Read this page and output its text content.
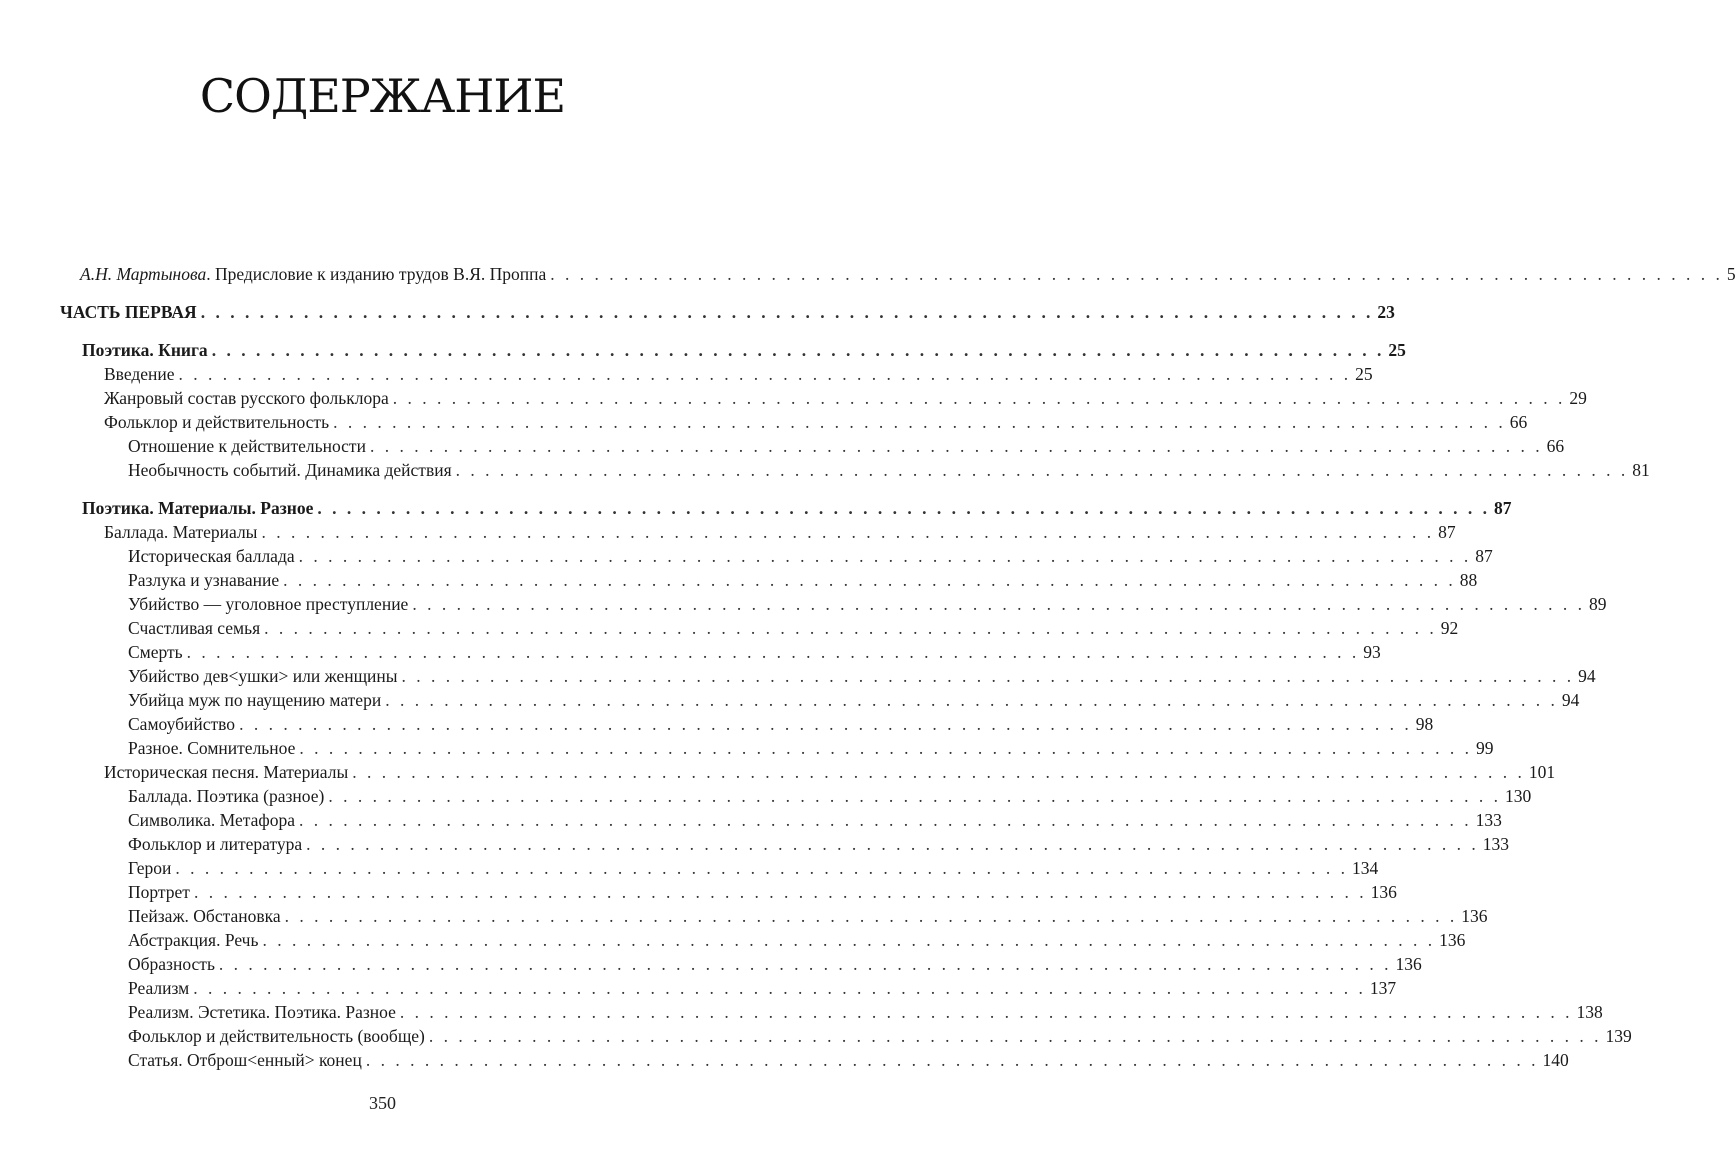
СОДЕРЖАНИЕ
А.Н. Мартынова. Предисловие к изданию трудов В.Я. Проппа . . . . . . . . . . . . . . . . . . . . . . . . . . . . . . . . . . . . . . . . . . . . . . . . . . . . . . . . . . . . . . . . . . . . . . . . . . . . . . . . 5
ЧАСТЬ ПЕРВАЯ . . . . . . . . . . . . . . . . . . . . . . . . . . . . . . . . . . . . . . . . . . . . . . . . . . . . . . . . . . . . . . . . . . . . . . . . . . . . . . . . 23
Поэтика. Книга . . . . . . . . . . . . . . . . . . . . . . . . . . . . . . . . . . . . . . . . . . . . . . . . . . . . . . . . . . . . . . . . . . . . . . . . . . . . . . . . 25
Введение . . . . . . . . . . . . . . . . . . . . . . . . . . . . . . . . . . . . . . . . . . . . . . . . . . . . . . . . . . . . . . . . . . . . . . . . . . . . . . . . 25
Жанровый состав русского фольклора . . . . . . . . . . . . . . . . . . . . . . . . . . . . . . . . . . . . . . . . . . . . . . . . . . . . . . . . . . . . . . . . . . . . . . . . . . . . . . . . 29
Фольклор и действительность . . . . . . . . . . . . . . . . . . . . . . . . . . . . . . . . . . . . . . . . . . . . . . . . . . . . . . . . . . . . . . . . . . . . . . . . . . . . . . . . 66
Отношение к действительности . . . . . . . . . . . . . . . . . . . . . . . . . . . . . . . . . . . . . . . . . . . . . . . . . . . . . . . . . . . . . . . . . . . . . . . . . . . . . . . . 66
Необычность событий. Динамика действия . . . . . . . . . . . . . . . . . . . . . . . . . . . . . . . . . . . . . . . . . . . . . . . . . . . . . . . . . . . . . . . . . . . . . . . . . . . . . . . . 81
Поэтика. Материалы. Разное . . . . . . . . . . . . . . . . . . . . . . . . . . . . . . . . . . . . . . . . . . . . . . . . . . . . . . . . . . . . . . . . . . . . . . . . . . . . . . . . 87
Баллада. Материалы . . . . . . . . . . . . . . . . . . . . . . . . . . . . . . . . . . . . . . . . . . . . . . . . . . . . . . . . . . . . . . . . . . . . . . . . . . . . . . . . 87
Историческая баллада . . . . . . . . . . . . . . . . . . . . . . . . . . . . . . . . . . . . . . . . . . . . . . . . . . . . . . . . . . . . . . . . . . . . . . . . . . . . . . . . 87
Разлука и узнавание . . . . . . . . . . . . . . . . . . . . . . . . . . . . . . . . . . . . . . . . . . . . . . . . . . . . . . . . . . . . . . . . . . . . . . . . . . . . . . . . 88
Убийство — уголовное преступление . . . . . . . . . . . . . . . . . . . . . . . . . . . . . . . . . . . . . . . . . . . . . . . . . . . . . . . . . . . . . . . . . . . . . . . . . . . . . . . . 89
Счастливая семья . . . . . . . . . . . . . . . . . . . . . . . . . . . . . . . . . . . . . . . . . . . . . . . . . . . . . . . . . . . . . . . . . . . . . . . . . . . . . . . . 92
Смерть . . . . . . . . . . . . . . . . . . . . . . . . . . . . . . . . . . . . . . . . . . . . . . . . . . . . . . . . . . . . . . . . . . . . . . . . . . . . . . . . 93
Убийство дев<ушки> или женщины . . . . . . . . . . . . . . . . . . . . . . . . . . . . . . . . . . . . . . . . . . . . . . . . . . . . . . . . . . . . . . . . . . . . . . . . . . . . . . . . 94
Убийца муж по наущению матери . . . . . . . . . . . . . . . . . . . . . . . . . . . . . . . . . . . . . . . . . . . . . . . . . . . . . . . . . . . . . . . . . . . . . . . . . . . . . . . . 94
Самоубийство . . . . . . . . . . . . . . . . . . . . . . . . . . . . . . . . . . . . . . . . . . . . . . . . . . . . . . . . . . . . . . . . . . . . . . . . . . . . . . . . 98
Разное. Сомнительное . . . . . . . . . . . . . . . . . . . . . . . . . . . . . . . . . . . . . . . . . . . . . . . . . . . . . . . . . . . . . . . . . . . . . . . . . . . . . . . . 99
Историческая песня. Материалы . . . . . . . . . . . . . . . . . . . . . . . . . . . . . . . . . . . . . . . . . . . . . . . . . . . . . . . . . . . . . . . . . . . . . . . . . . . . . . . . 101
Баллада. Поэтика (разное) . . . . . . . . . . . . . . . . . . . . . . . . . . . . . . . . . . . . . . . . . . . . . . . . . . . . . . . . . . . . . . . . . . . . . . . . . . . . . . . . 130
Символика. Метафора . . . . . . . . . . . . . . . . . . . . . . . . . . . . . . . . . . . . . . . . . . . . . . . . . . . . . . . . . . . . . . . . . . . . . . . . . . . . . . . . 133
Фольклор и литература . . . . . . . . . . . . . . . . . . . . . . . . . . . . . . . . . . . . . . . . . . . . . . . . . . . . . . . . . . . . . . . . . . . . . . . . . . . . . . . . 133
Герои . . . . . . . . . . . . . . . . . . . . . . . . . . . . . . . . . . . . . . . . . . . . . . . . . . . . . . . . . . . . . . . . . . . . . . . . . . . . . . . . 134
Портрет . . . . . . . . . . . . . . . . . . . . . . . . . . . . . . . . . . . . . . . . . . . . . . . . . . . . . . . . . . . . . . . . . . . . . . . . . . . . . . . . 136
Пейзаж. Обстановка . . . . . . . . . . . . . . . . . . . . . . . . . . . . . . . . . . . . . . . . . . . . . . . . . . . . . . . . . . . . . . . . . . . . . . . . . . . . . . . . 136
Абстракция. Речь . . . . . . . . . . . . . . . . . . . . . . . . . . . . . . . . . . . . . . . . . . . . . . . . . . . . . . . . . . . . . . . . . . . . . . . . . . . . . . . . 136
Образность . . . . . . . . . . . . . . . . . . . . . . . . . . . . . . . . . . . . . . . . . . . . . . . . . . . . . . . . . . . . . . . . . . . . . . . . . . . . . . . . 136
Реализм . . . . . . . . . . . . . . . . . . . . . . . . . . . . . . . . . . . . . . . . . . . . . . . . . . . . . . . . . . . . . . . . . . . . . . . . . . . . . . . . 137
Реализм. Эстетика. Поэтика. Разное . . . . . . . . . . . . . . . . . . . . . . . . . . . . . . . . . . . . . . . . . . . . . . . . . . . . . . . . . . . . . . . . . . . . . . . . . . . . . . . . 138
Фольклор и действительность (вообще) . . . . . . . . . . . . . . . . . . . . . . . . . . . . . . . . . . . . . . . . . . . . . . . . . . . . . . . . . . . . . . . . . . . . . . . . . . . . . . . . 139
Статья. Отброш<енный> конец . . . . . . . . . . . . . . . . . . . . . . . . . . . . . . . . . . . . . . . . . . . . . . . . . . . . . . . . . . . . . . . . . . . . . . . . . . . . . . . . 140
350
